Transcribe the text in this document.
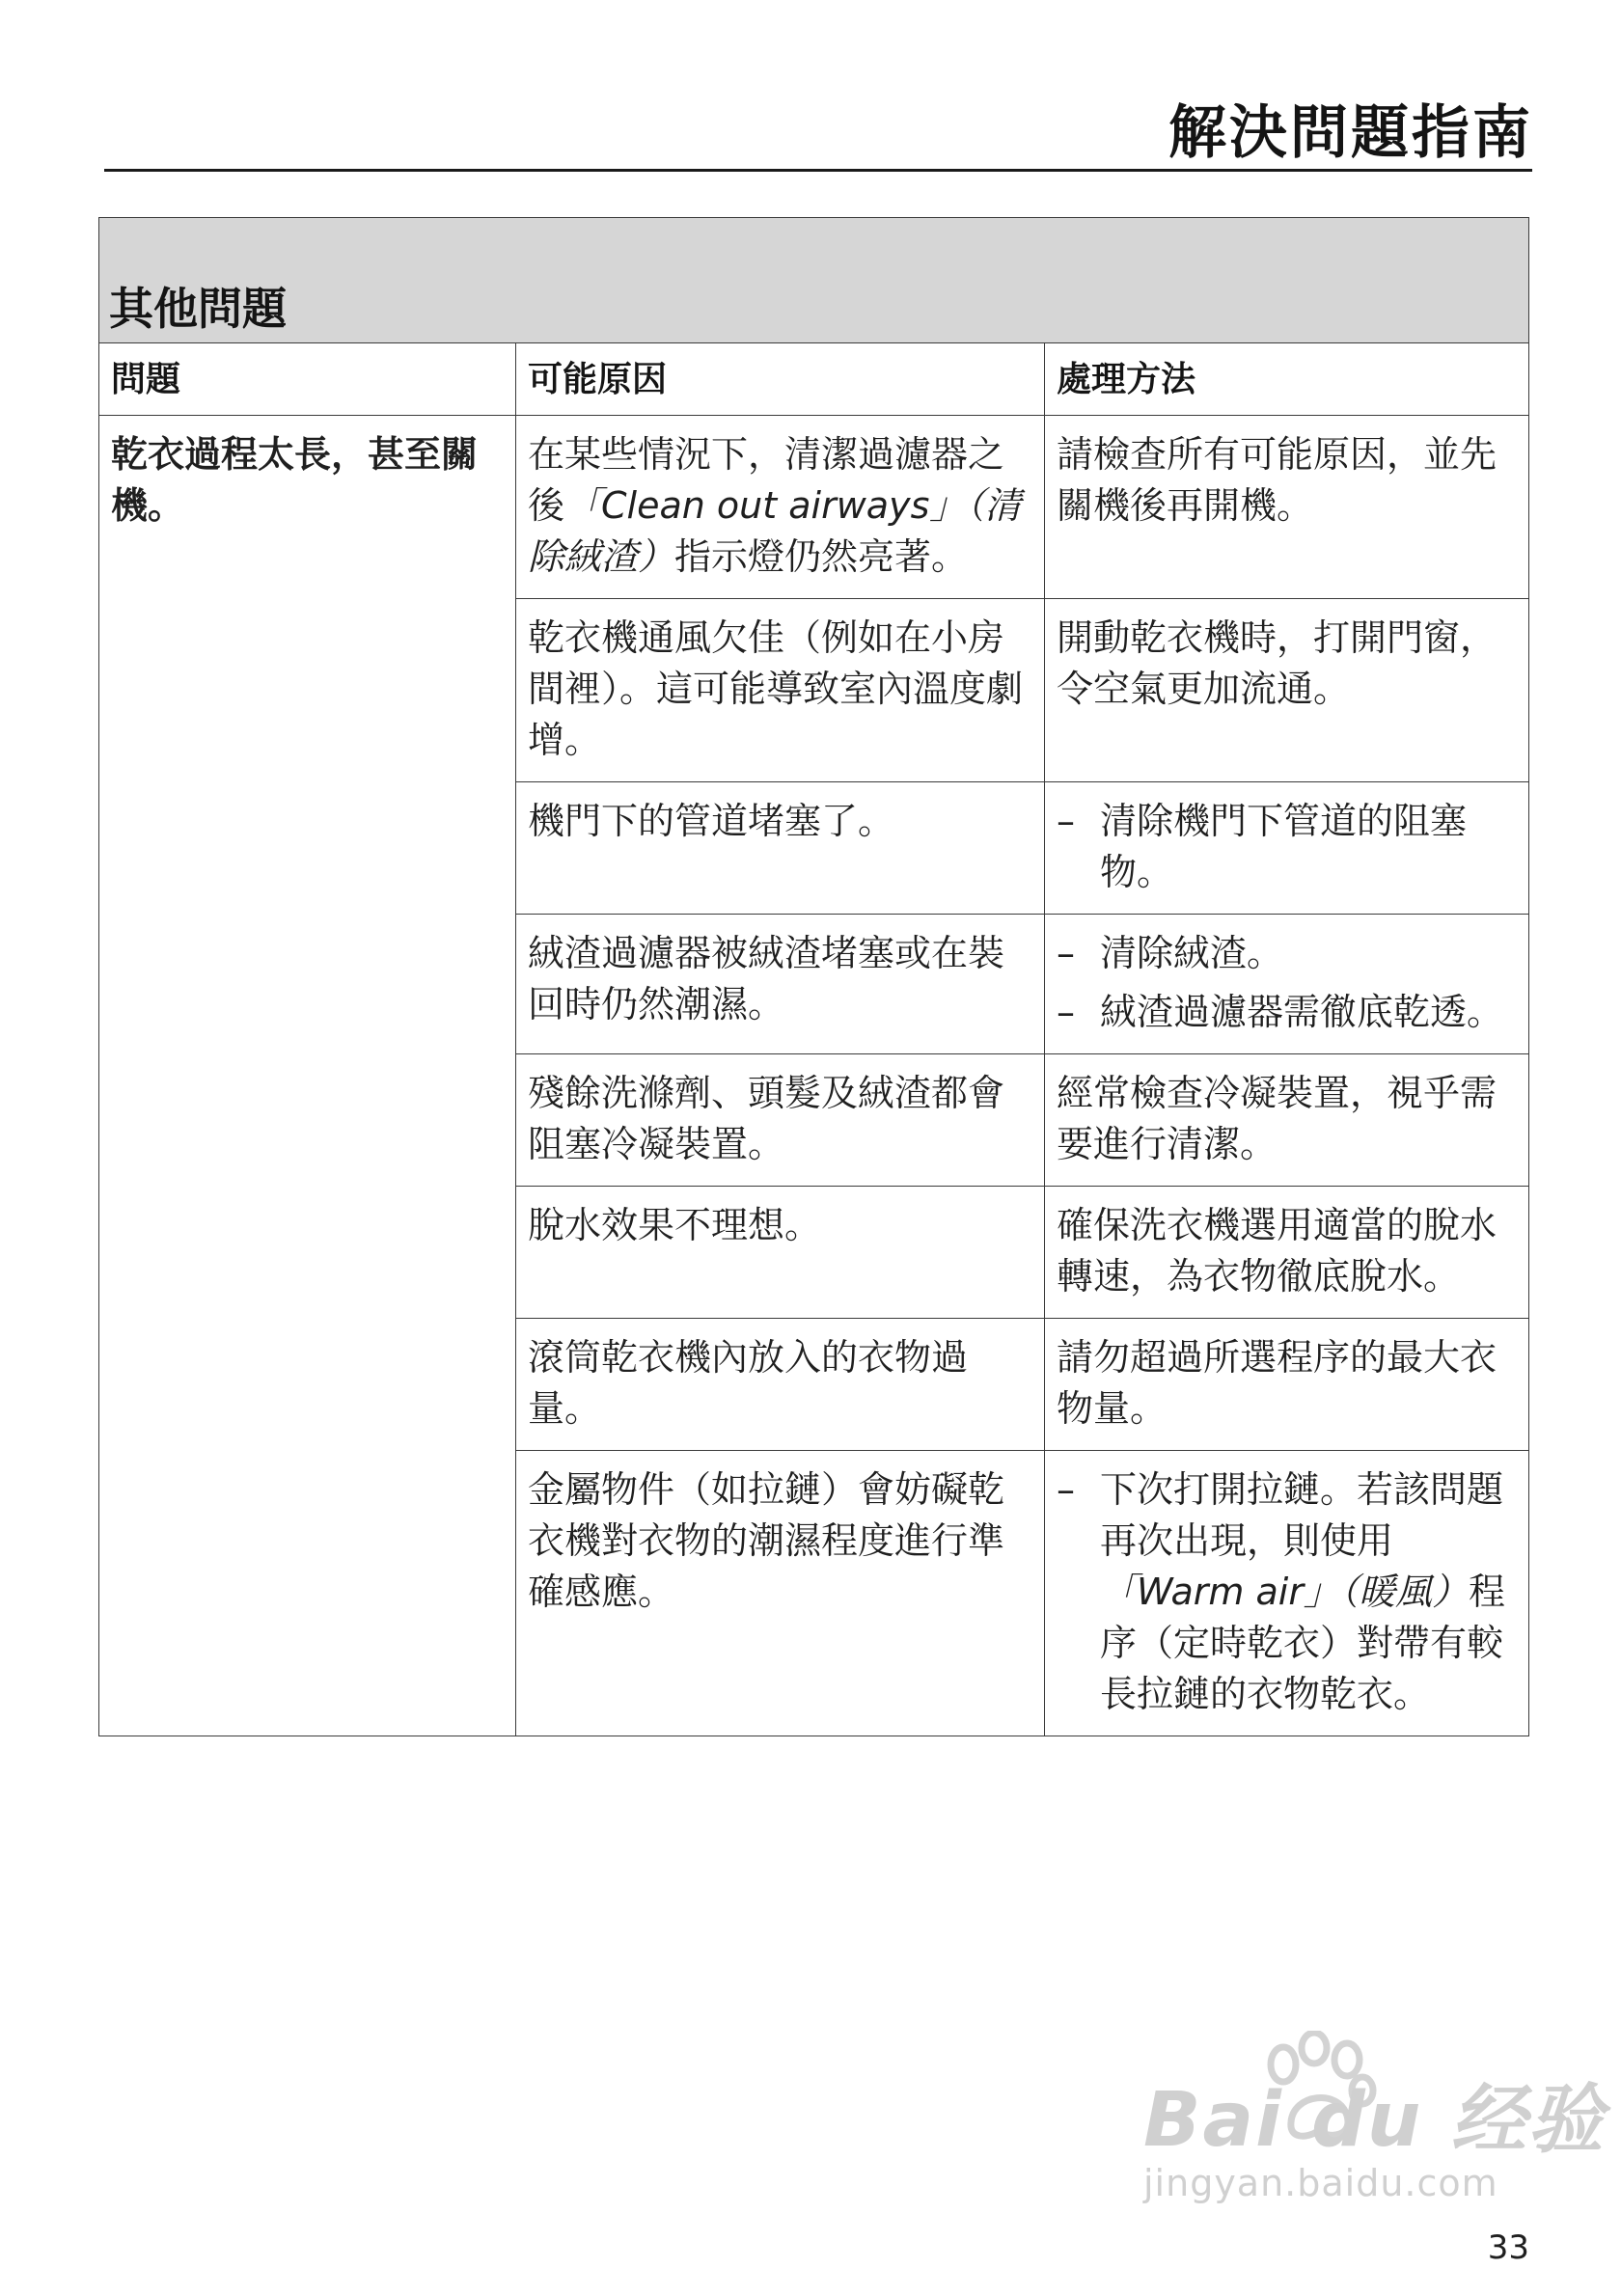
解決問題指南
其他問題		
問題	可能原因	處理方法
乾衣過程太長，甚至關機。	在某些情況下，清潔過濾器之後「Clean out airways」（清除絨渣）指示燈仍然亮著。	請檢查所有可能原因，並先關機後再開機。
	乾衣機通風欠佳（例如在小房間裡）。這可能導致室內溫度劇增。	開動乾衣機時，打開門窗，令空氣更加流通。
	機門下的管道堵塞了。	– 清除機門下管道的阻塞物。

	絨渣過濾器被絨渣堵塞或在裝回時仍然潮濕。	– 清除絨渣。
– 絨渣過濾器需徹底乾透。

	殘餘洗滌劑、頭髮及絨渣都會阻塞冷凝裝置。	經常檢查冷凝裝置，視乎需要進行清潔。
	脫水效果不理想。	確保洗衣機選用適當的脫水轉速，為衣物徹底脫水。
	滾筒乾衣機內放入的衣物過量。	請勿超過所選程序的最大衣物量。
	金屬物件（如拉鏈）會妨礙乾衣機對衣物的潮濕程度進行準確感應。	– 下次打開拉鏈。若該問題再次出現，則使用「Warm air」（暖風）程序（定時乾衣）對帶有較長拉鏈的衣物乾衣。
Bai du 经验
jingyan.baidu.com
33
